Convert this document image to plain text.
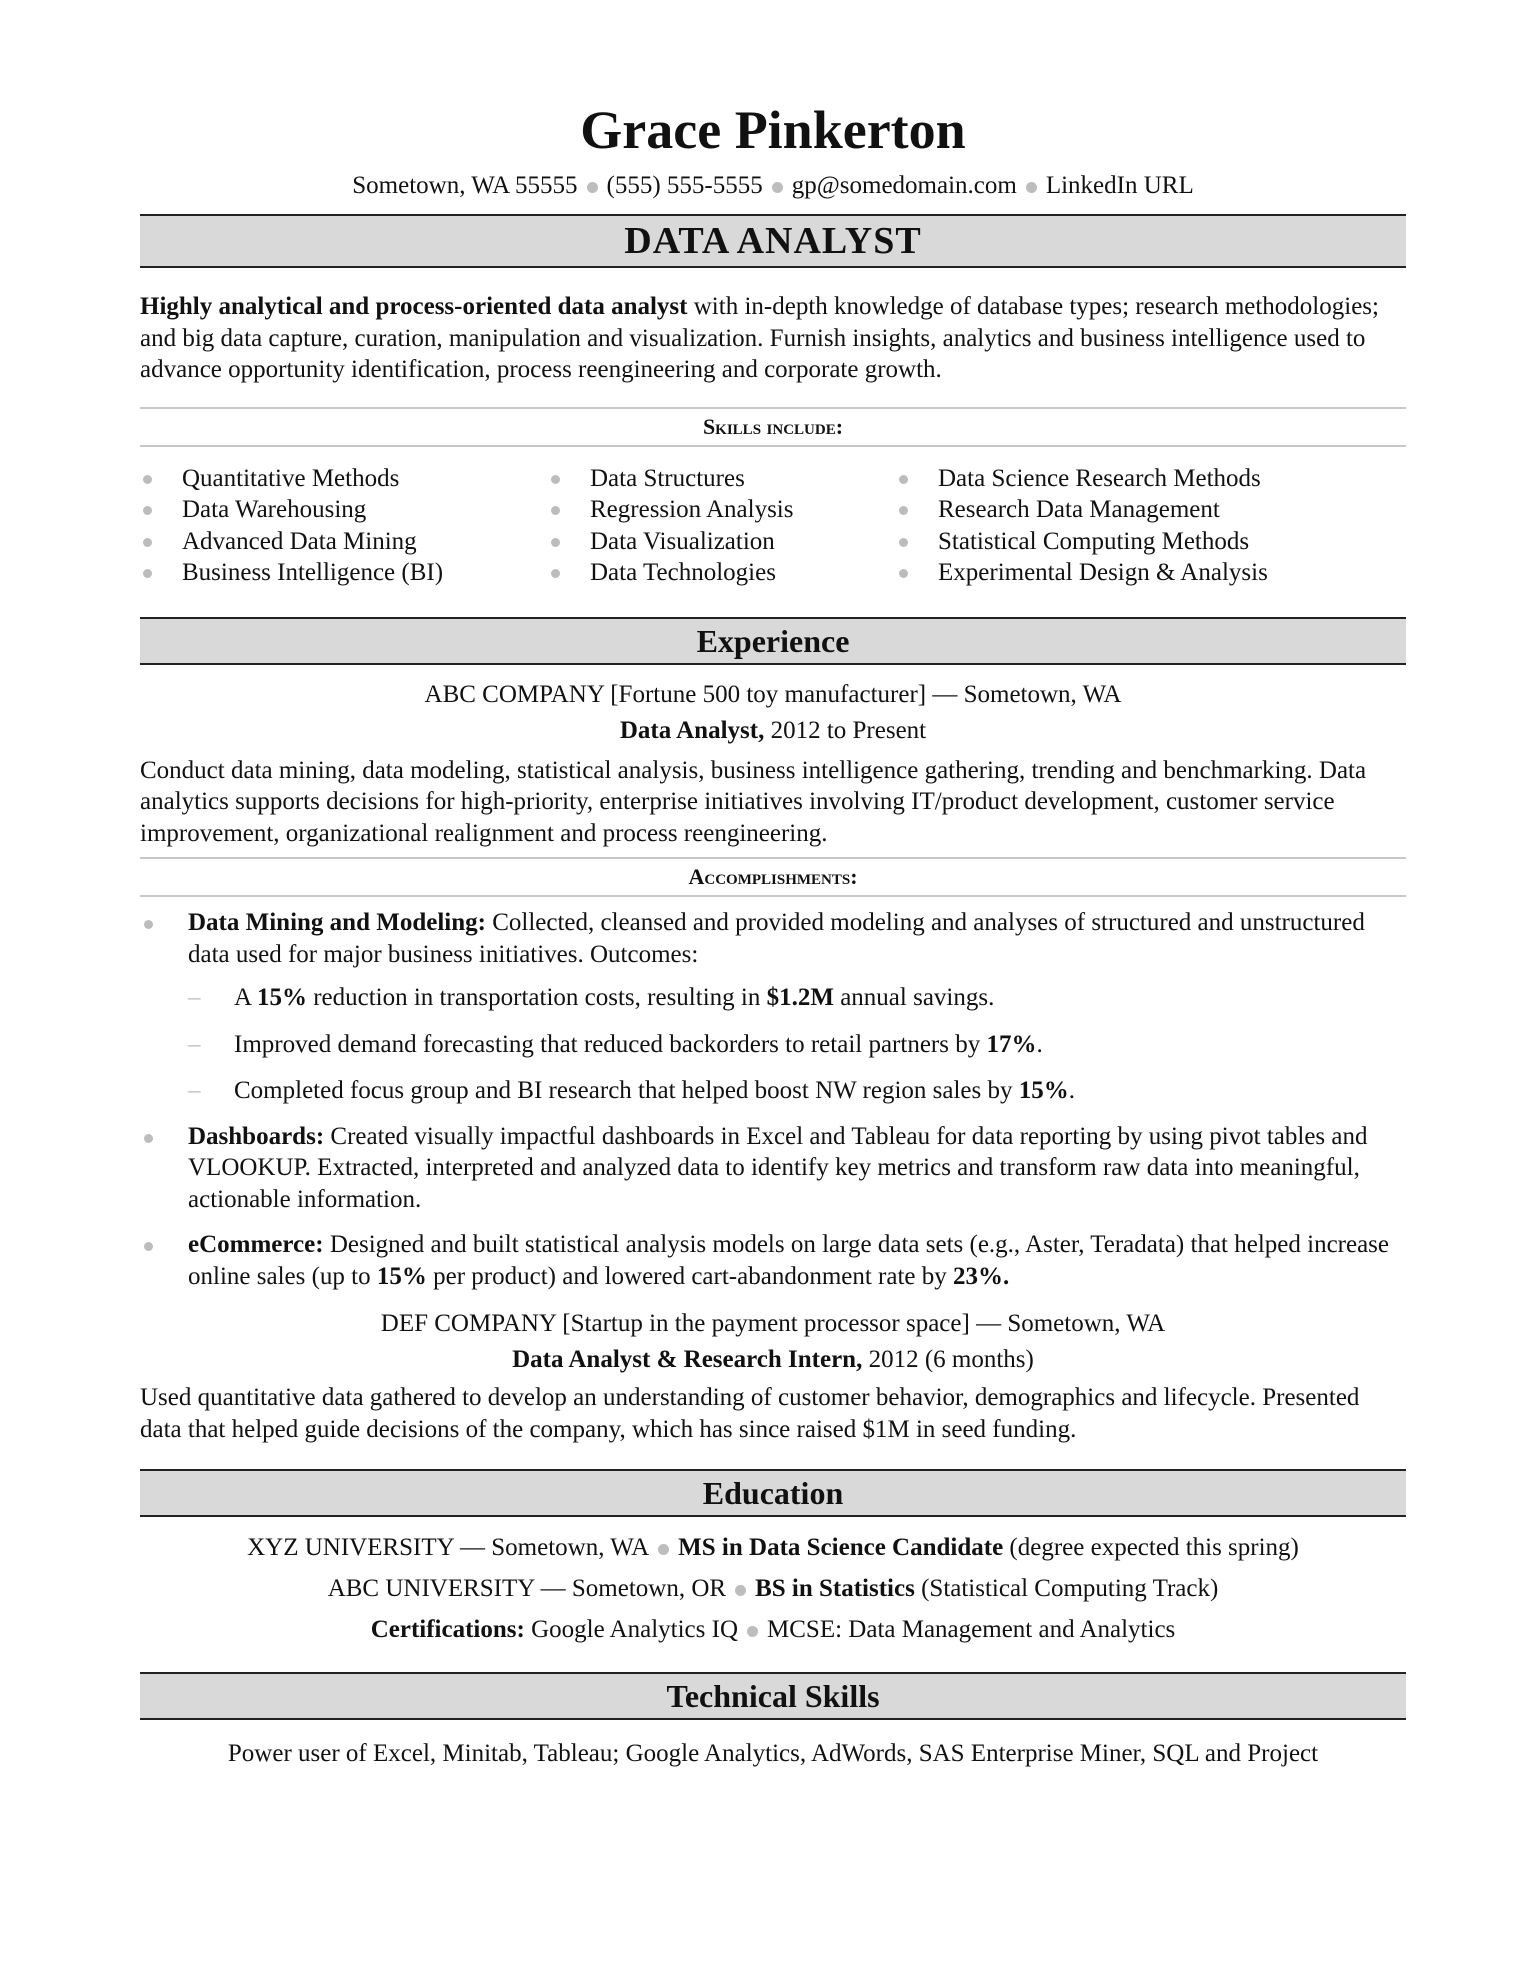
Grace Pinkerton
Sometown, WA 55555 (555) 555-5555 gp@somedomain.com LinkedIn URL
DATA ANALYST

Highly analytical and process-oriented data analyst with in-depth knowledge of database types; research methodologies; and big data capture, curation, manipulation and visualization. Furnish insights, analytics and business intelligence used to advance opportunity identification, process reengineering and corporate growth.

Skills include:
Quantitative Methods
Data Warehousing
Advanced Data Mining
Business Intelligence (BI)
Data Structures
Regression Analysis
Data Visualization
Data Technologies
Data Science Research Methods
Research Data Management
Statistical Computing Methods
Experimental Design & Analysis
Experience
ABC COMPANY [Fortune 500 toy manufacturer] — Sometown, WA
Data Analyst, 2012 to Present

Conduct data mining, data modeling, statistical analysis, business intelligence gathering, trending and benchmarking. Data analytics supports decisions for high-priority, enterprise initiatives involving IT/product development, customer service improvement, organizational realignment and process reengineering.

Accomplishments:
Data Mining and Modeling: Collected, cleansed and provided modeling and analyses of structured and unstructured data used for major business initiatives. Outcomes:
– A 15% reduction in transportation costs, resulting in $1.2M annual savings.
– Improved demand forecasting that reduced backorders to retail partners by 17%.
– Completed focus group and BI research that helped boost NW region sales by 15%.
Dashboards: Created visually impactful dashboards in Excel and Tableau for data reporting by using pivot tables and VLOOKUP. Extracted, interpreted and analyzed data to identify key metrics and transform raw data into meaningful, actionable information.
eCommerce: Designed and built statistical analysis models on large data sets (e.g., Aster, Teradata) that helped increase online sales (up to 15% per product) and lowered cart-abandonment rate by 23%.
DEF COMPANY [Startup in the payment processor space] — Sometown, WA
Data Analyst & Research Intern, 2012 (6 months)

Used quantitative data gathered to develop an understanding of customer behavior, demographics and lifecycle. Presented data that helped guide decisions of the company, which has since raised $1M in seed funding.

Education
XYZ UNIVERSITY — Sometown, WA MS in Data Science Candidate (degree expected this spring)
ABC UNIVERSITY — Sometown, OR BS in Statistics (Statistical Computing Track)
Certifications: Google Analytics IQ MCSE: Data Management and Analytics
Technical Skills

Power user of Excel, Minitab, Tableau; Google Analytics, AdWords, SAS Enterprise Miner, SQL and Project
